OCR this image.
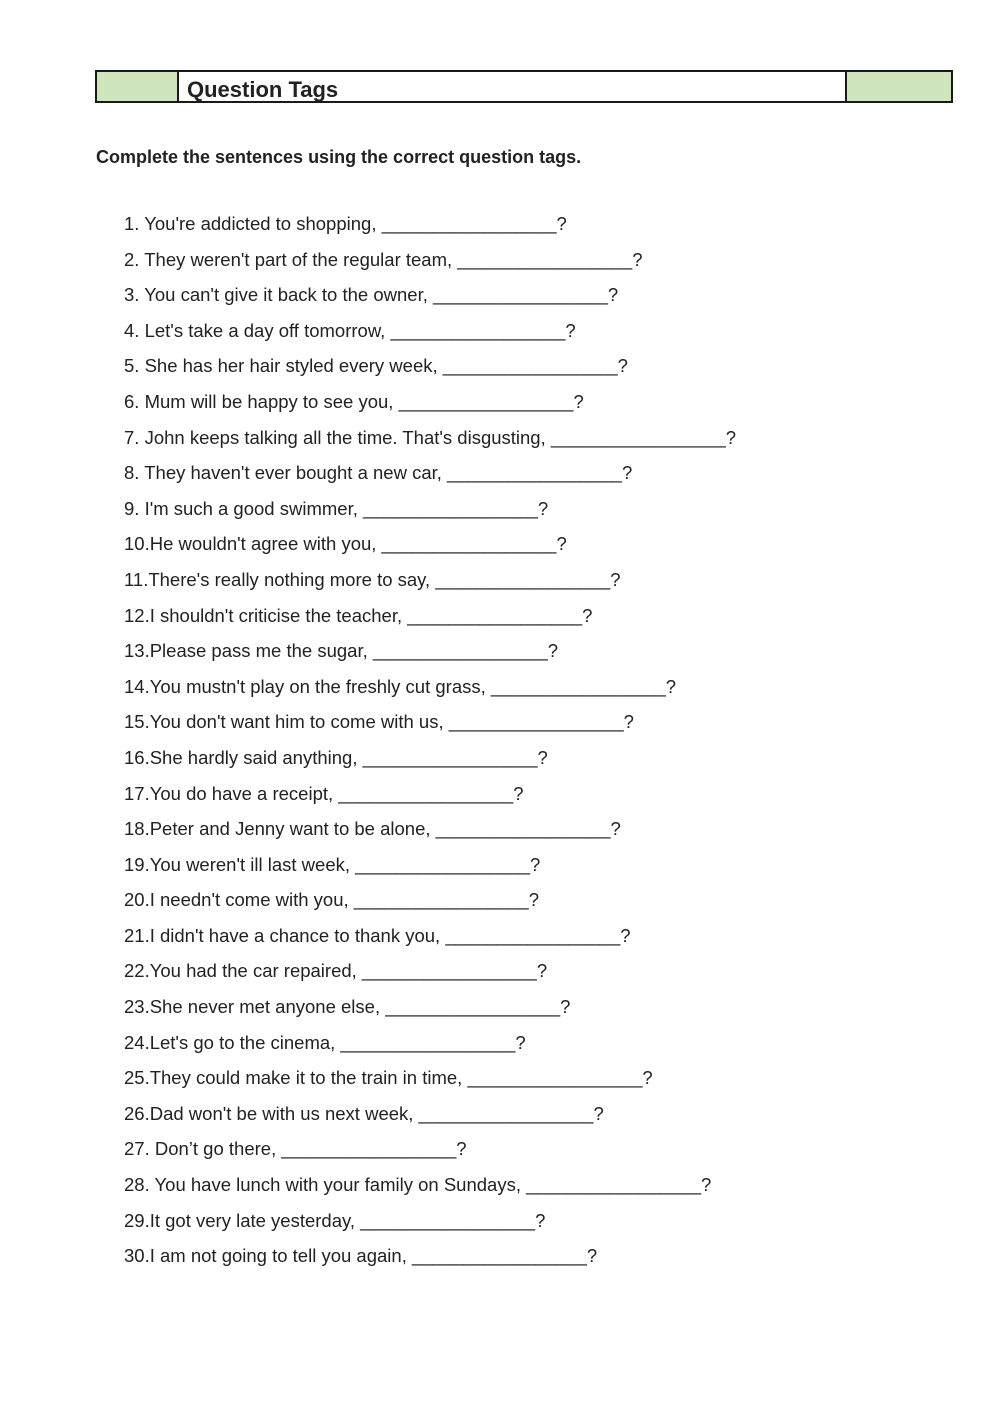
Question Tags
Complete the sentences using the correct question tags.
1. You're addicted to shopping, _________________?
2. They weren't part of the regular team, _________________?
3. You can't give it back to the owner, _________________?
4. Let's take a day off tomorrow, _________________?
5. She has her hair styled every week, _________________?
6. Mum will be happy to see you, _________________?
7. John keeps talking all the time. That's disgusting, _________________?
8. They haven't ever bought a new car, _________________?
9. I'm such a good swimmer, _________________?
10.He wouldn't agree with you, _________________?
11.There's really nothing more to say, _________________?
12.I shouldn't criticise the teacher, _________________?
13.Please pass me the sugar, _________________?
14.You mustn't play on the freshly cut grass, _________________?
15.You don't want him to come with us, _________________?
16.She hardly said anything, _________________?
17.You do have a receipt, _________________?
18.Peter and Jenny want to be alone, _________________?
19.You weren't ill last week, _________________?
20.I needn't come with you, _________________?
21.I didn't have a chance to thank you, _________________?
22.You had the car repaired, _________________?
23.She never met anyone else, _________________?
24.Let's go to the cinema, _________________?
25.They could make it to the train in time, _________________?
26.Dad won't be with us next week, _________________?
27. Don’t go there, _________________?
28. You have lunch with your family on Sundays, _________________?
29.It got very late yesterday, _________________?
30.I am not going to tell you again, _________________?
